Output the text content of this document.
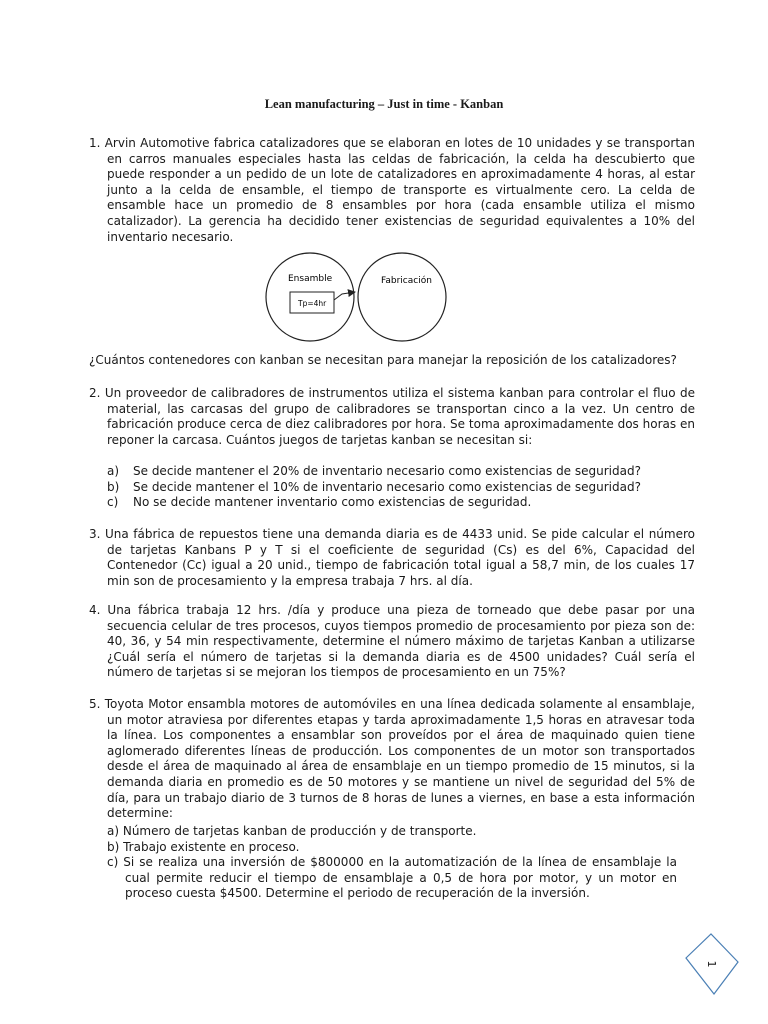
Lean manufacturing – Just in time - Kanban
1. Arvin Automotive fabrica catalizadores que se elaboran en lotes de 10 unidades y se transportan en carros manuales especiales hasta las celdas de fabricación, la celda ha descubierto que puede responder a un pedido de un lote de catalizadores en aproximadamente 4 horas, al estar junto a la celda de ensamble, el tiempo de transporte es virtualmente cero. La celda de ensamble hace un promedio de 8 ensambles por hora (cada ensamble utiliza el mismo catalizador). La gerencia ha decidido tener existencias de seguridad equivalentes a 10% del inventario necesario.
Ensamble	Fabricación
Tp=4hr
¿Cuántos contenedores con kanban se necesitan para manejar la reposición de los catalizadores?
2. Un proveedor de calibradores de instrumentos utiliza el sistema kanban para controlar el fluo de material, las carcasas del grupo de calibradores se transportan cinco a la vez. Un centro de fabricación produce cerca de diez calibradores por hora. Se toma aproximadamente dos horas en reponer la carcasa. Cuántos juegos de tarjetas kanban se necesitan si:
a)	Se decide mantener el 20% de inventario necesario como existencias de seguridad?
b)	Se decide mantener el 10% de inventario necesario como existencias de seguridad?
c)	No se decide mantener inventario como existencias de seguridad.
3. Una fábrica de repuestos tiene una demanda diaria es de 4433 unid. Se pide calcular el número de tarjetas Kanbans P y T si el coeficiente de seguridad (Cs) es del 6%, Capacidad del Contenedor (Cc) igual a 20 unid., tiempo de fabricación total igual a 58,7 min, de los cuales 17 min son de procesamiento y la empresa trabaja 7 hrs. al día.
4. Una fábrica trabaja 12 hrs. /día y produce una pieza de torneado que debe pasar por una secuencia celular de tres procesos, cuyos tiempos promedio de procesamiento por pieza son de: 40, 36, y 54 min respectivamente, determine el número máximo de tarjetas Kanban a utilizarse ¿Cuál sería el número de tarjetas si la demanda diaria es de 4500 unidades? Cuál sería el número de tarjetas si se mejoran los tiempos de procesamiento en un 75%?
5. Toyota Motor ensambla motores de automóviles en una línea dedicada solamente al ensamblaje, un motor atraviesa por diferentes etapas y tarda aproximadamente 1,5 horas en atravesar toda la línea. Los componentes a ensamblar son proveídos por el área de maquinado quien tiene aglomerado diferentes líneas de producción. Los componentes de un motor son transportados desde el área de maquinado al área de ensamblaje en un tiempo promedio de 15 minutos, si la demanda diaria en promedio es de 50 motores y se mantiene un nivel de seguridad del 5% de día, para un trabajo diario de 3 turnos de 8 horas de lunes a viernes, en base a esta información determine:
a) Número de tarjetas kanban de producción y de transporte.
b) Trabajo existente en proceso.
c) Si se realiza una inversión de $800000 en la automatización de la línea de ensamblaje la cual permite reducir el tiempo de ensamblaje a 0,5 de hora por motor, y un motor en proceso cuesta $4500. Determine el periodo de recuperación de la inversión.
1
